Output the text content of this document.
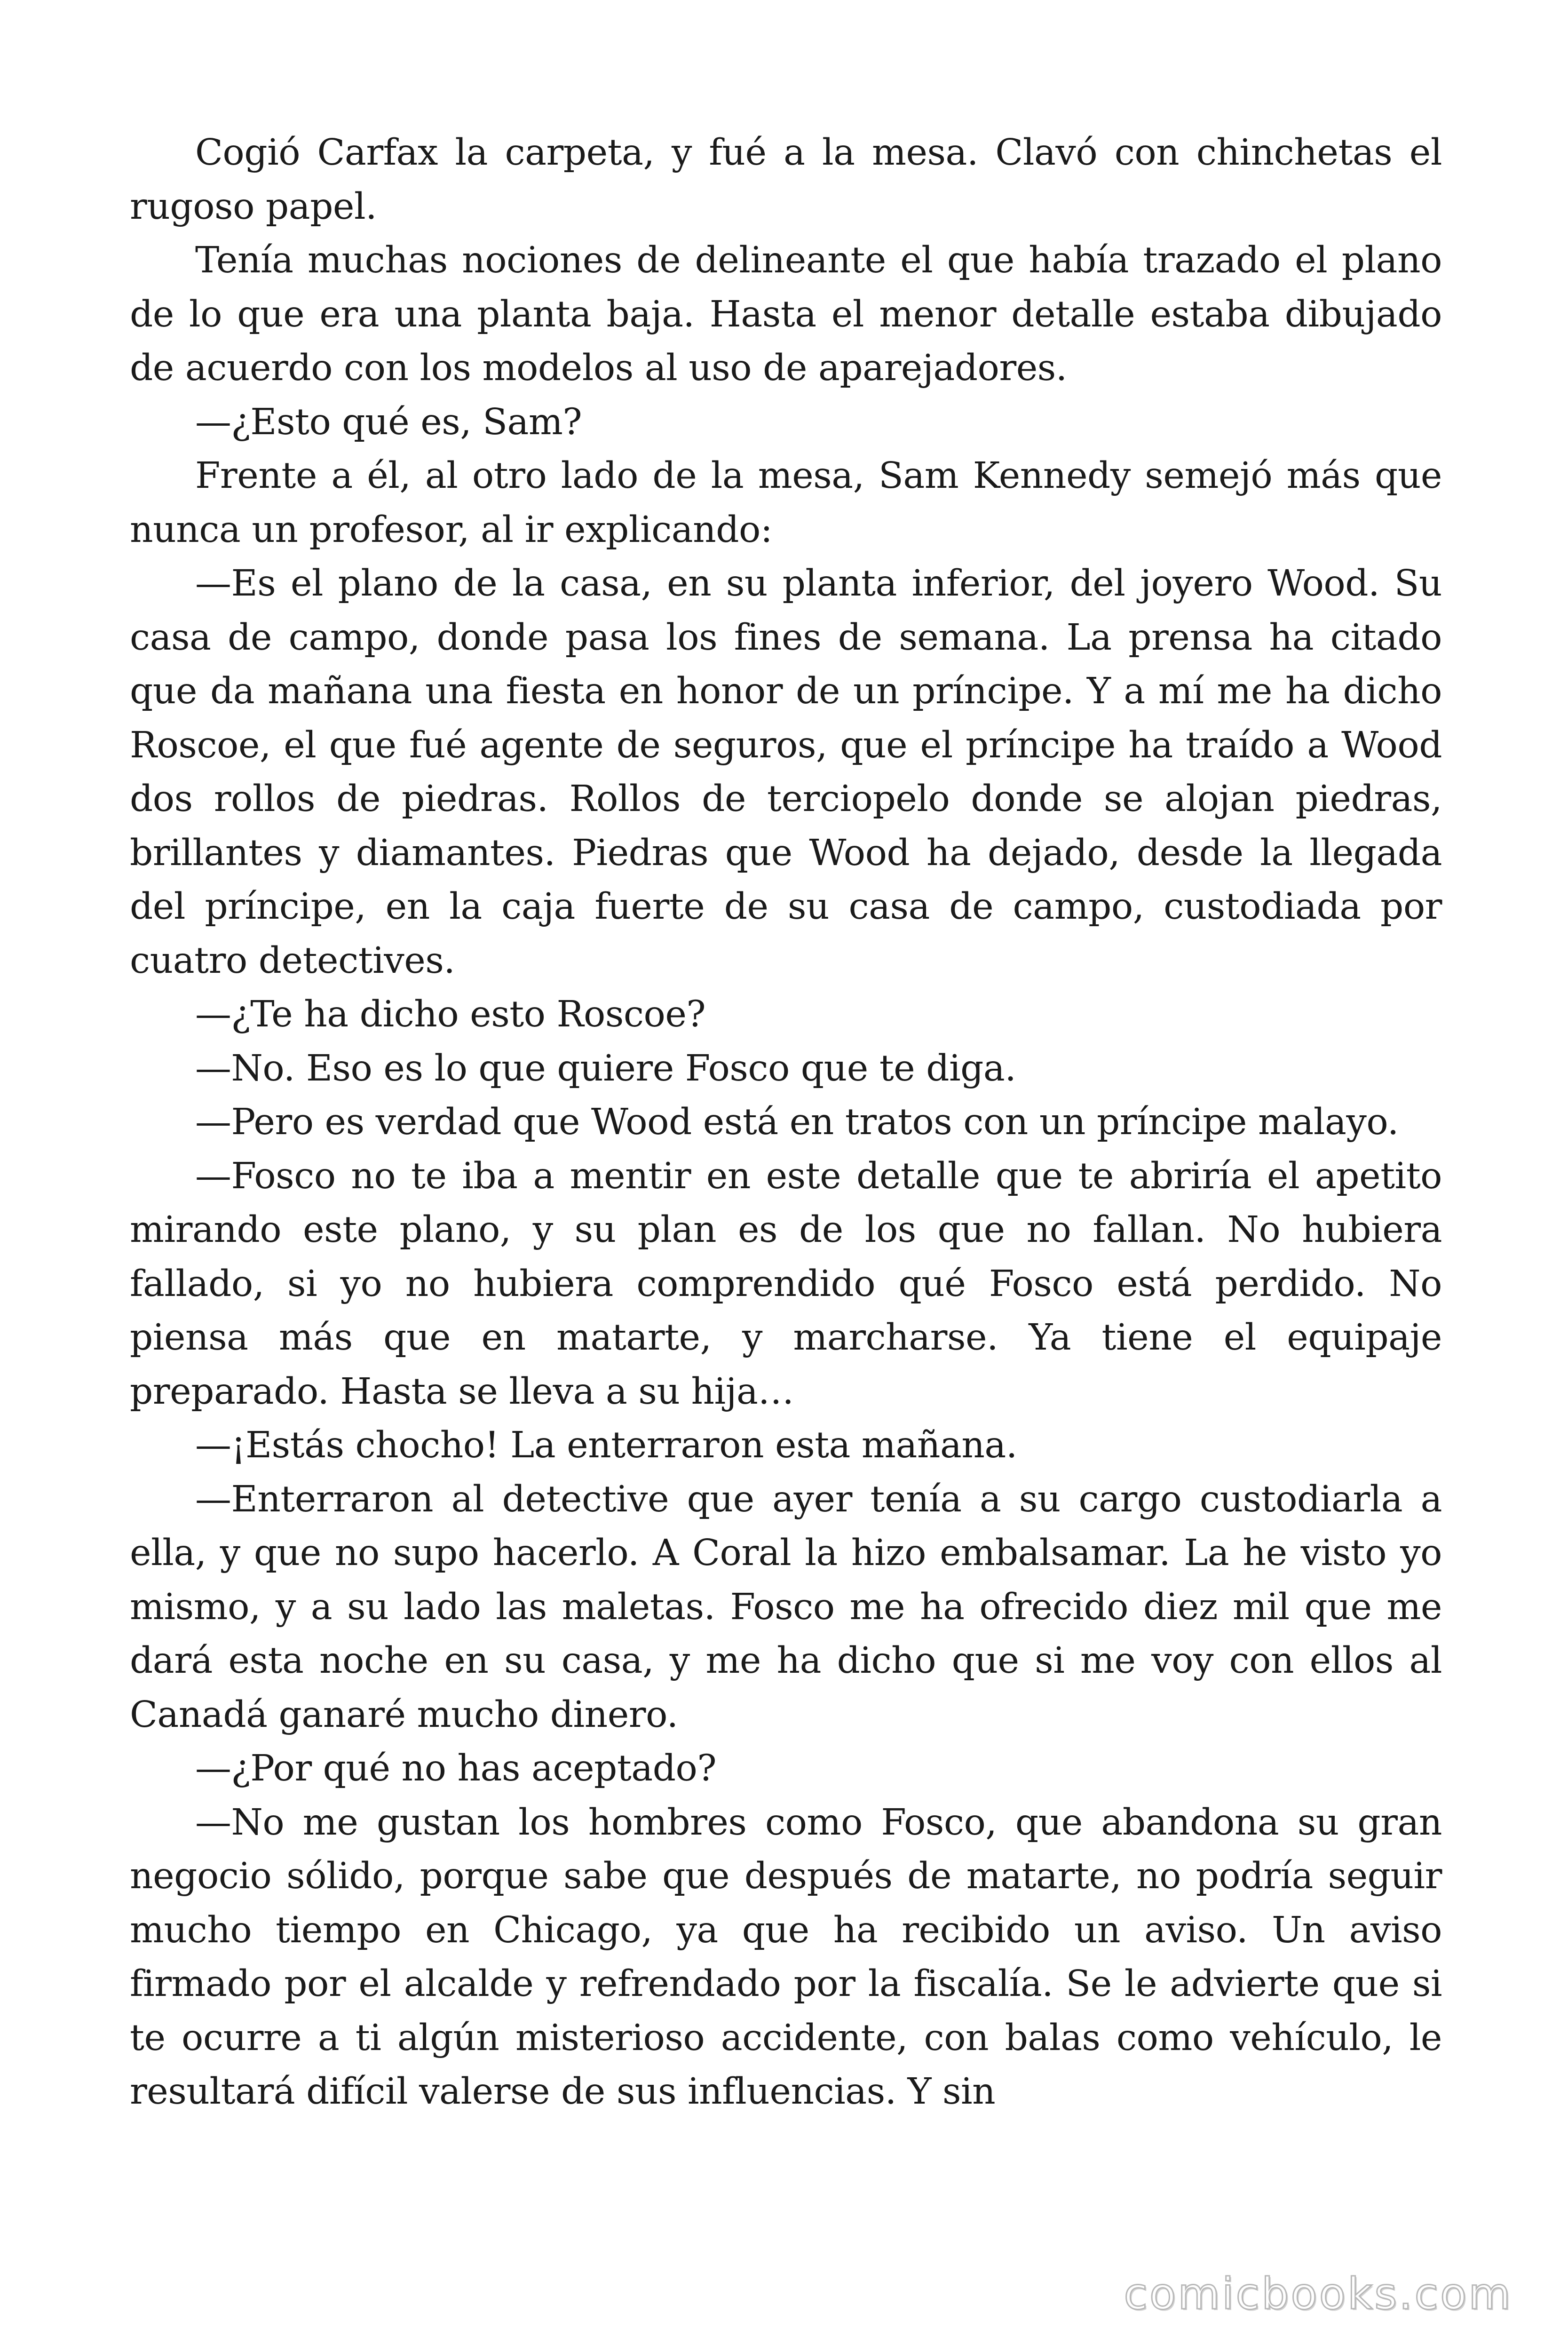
Cogió Carfax la carpeta, y fué a la mesa. Clavó con chinchetas el rugoso papel.

Tenía muchas nociones de delineante el que había trazado el plano de lo que era una planta baja. Hasta el menor detalle estaba dibujado de acuerdo con los modelos al uso de aparejadores.

—¿Esto qué es, Sam?

Frente a él, al otro lado de la mesa, Sam Kennedy semejó más que nunca un profesor, al ir explicando:

—Es el plano de la casa, en su planta inferior, del joyero Wood. Su casa de campo, donde pasa los fines de semana. La prensa ha citado que da mañana una fiesta en honor de un príncipe. Y a mí me ha dicho Roscoe, el que fué agente de seguros, que el príncipe ha traído a Wood dos rollos de piedras. Rollos de terciopelo donde se alojan piedras, brillantes y diamantes. Piedras que Wood ha dejado, desde la llegada del príncipe, en la caja fuerte de su casa de campo, custodiada por cuatro detectives.

—¿Te ha dicho esto Roscoe?

—No. Eso es lo que quiere Fosco que te diga.

—Pero es verdad que Wood está en tratos con un príncipe malayo.

—Fosco no te iba a mentir en este detalle que te abriría el apetito mirando este plano, y su plan es de los que no fallan. No hubiera fallado, si yo no hubiera comprendido qué Fosco está perdido. No piensa más que en matarte, y marcharse. Ya tiene el equipaje preparado. Hasta se lleva a su hija…

—¡Estás chocho! La enterraron esta mañana.

—Enterraron al detective que ayer tenía a su cargo custodiarla a ella, y que no supo hacerlo. A Coral la hizo embalsamar. La he visto yo mismo, y a su lado las maletas. Fosco me ha ofrecido diez mil que me dará esta noche en su casa, y me ha dicho que si me voy con ellos al Canadá ganaré mucho dinero.

—¿Por qué no has aceptado?

—No me gustan los hombres como Fosco, que abandona su gran negocio sólido, porque sabe que después de matarte, no podría seguir mucho tiempo en Chicago, ya que ha recibido un aviso. Un aviso firmado por el alcalde y refrendado por la fiscalía. Se le advierte que si te ocurre a ti algún misterioso accidente, con balas como vehículo, le resultará difícil valerse de sus influencias. Y sin

comicbooks.com
